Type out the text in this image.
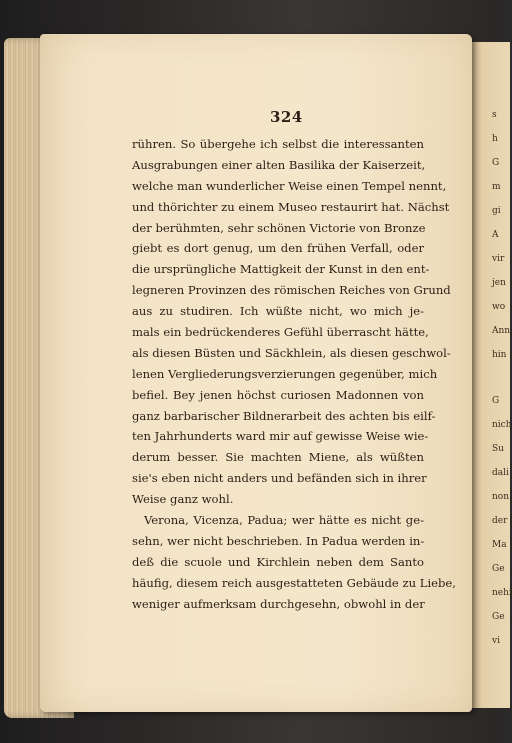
s
h
G
m
gi
A
vir
jen
wo
Ann
hin
G
nich
Su
dali
non.
der
Ma
Ge
nehi
Ge
vi
324
rühren. So übergehe ich selbst die interessanten
Ausgrabungen einer alten Basilika der Kaiserzeit,
welche man wunderlicher Weise einen Tempel nennt,
und thörichter zu einem Museo restaurirt hat. Nächst
der berühmten, sehr schönen Victorie von Bronze
giebt es dort genug, um den frühen Verfall, oder
die ursprüngliche Mattigkeit der Kunst in den ent-
legneren Provinzen des römischen Reiches von Grund
aus zu studiren. Ich wüßte nicht, wo mich je-
mals ein bedrückenderes Gefühl überrascht hätte,
als diesen Büsten und Säckhlein, als diesen geschwol-
lenen Vergliederungsverzierungen gegenüber, mich
befiel. Bey jenen höchst curiosen Madonnen von
ganz barbarischer Bildnerarbeit des achten bis eilf-
ten Jahrhunderts ward mir auf gewisse Weise wie-
derum besser. Sie machten Miene, als wüßten
sie's eben nicht anders und befänden sich in ihrer
Weise ganz wohl.
Verona, Vicenza, Padua; wer hätte es nicht ge-
sehn, wer nicht beschrieben. In Padua werden in-
deß die scuole und Kirchlein neben dem Santo
häufig, diesem reich ausgestatteten Gebäude zu Liebe,
weniger aufmerksam durchgesehn, obwohl in der
